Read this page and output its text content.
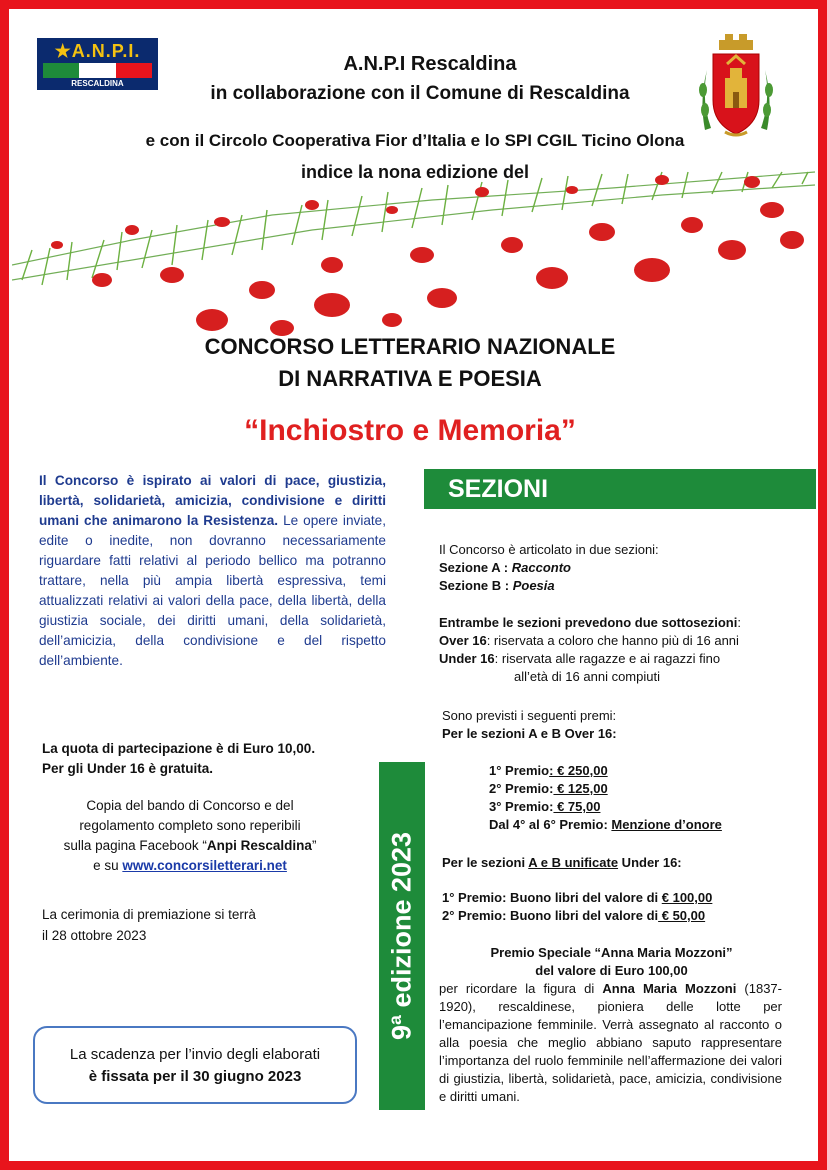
★A.N.P.I.
RESCALDINA
A.N.P.I Rescaldina
in collaborazione con il Comune di Rescaldina
e con il Circolo Cooperativa Fior d’Italia e lo SPI CGIL Ticino Olona
indice la nona edizione del
CONCORSO LETTERARIO NAZIONALE
DI NARRATIVA E POESIA
“Inchiostro e Memoria”
Il Concorso è ispirato ai valori di pace, giustizia, libertà, solidarietà, amicizia, condivisione e diritti umani che animarono la Resistenza. Le opere inviate, edite o inedite, non dovranno necessariamente riguardare fatti relativi al periodo bellico ma potranno trattare, nella più ampia libertà espressiva, temi attualizzati relativi ai valori della pace, della libertà, della giustizia sociale, dei diritti umani, della solidarietà, dell’amicizia, della condivisione e del rispetto dell’ambiente.
La quota di partecipazione è di Euro 10,00.
Per gli Under 16 è gratuita.
Copia del bando di Concorso e del
regolamento completo sono reperibili
sulla pagina Facebook “Anpi Rescaldina”
e su www.concorsiletterari.net
La cerimonia di premiazione si terrà
il 28 ottobre 2023
La scadenza per l’invio degli elaborati
è fissata per il 30 giugno 2023
9ª edizione 2023
SEZIONI
Il Concorso è articolato in due sezioni:
Sezione A : Racconto
Sezione B : Poesia
Entrambe le sezioni prevedono due sottosezioni:
Over 16: riservata a coloro che hanno più di 16 anni
Under 16: riservata alle ragazze e ai ragazzi fino
all’età di 16 anni compiuti
Sono previsti i seguenti premi:
Per le sezioni A e B Over 16:
1° Premio: € 250,00
2° Premio: € 125,00
3° Premio: € 75,00
Dal 4° al 6° Premio: Menzione d’onore
Per le sezioni A e B unificate Under 16:
1° Premio: Buono libri del valore di € 100,00
2° Premio: Buono libri del valore di € 50,00
Premio Speciale “Anna Maria Mozzoni”
del valore di Euro 100,00
per ricordare la figura di Anna Maria Mozzoni (1837-1920), rescaldinese, pioniera delle lotte per l’emancipazione femminile. Verrà assegnato al racconto o alla poesia che meglio abbiano saputo rappresentare l’importanza del ruolo femminile nell’affermazione dei valori di giustizia, libertà, solidarietà, pace, amicizia, condivisione e diritti umani.
